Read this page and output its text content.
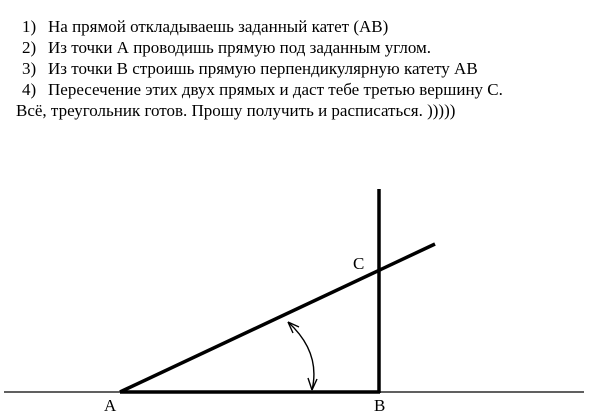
1) На прямой откладываешь заданный катет (АВ)
2) Из точки А проводишь прямую под заданным углом.
3) Из точки В строишь прямую перпендикулярную катету АВ
4) Пересечение этих двух прямых и даст тебе третью вершину С.
Всё, треугольник готов. Прошу получить и расписаться. )))))
A	B
C
